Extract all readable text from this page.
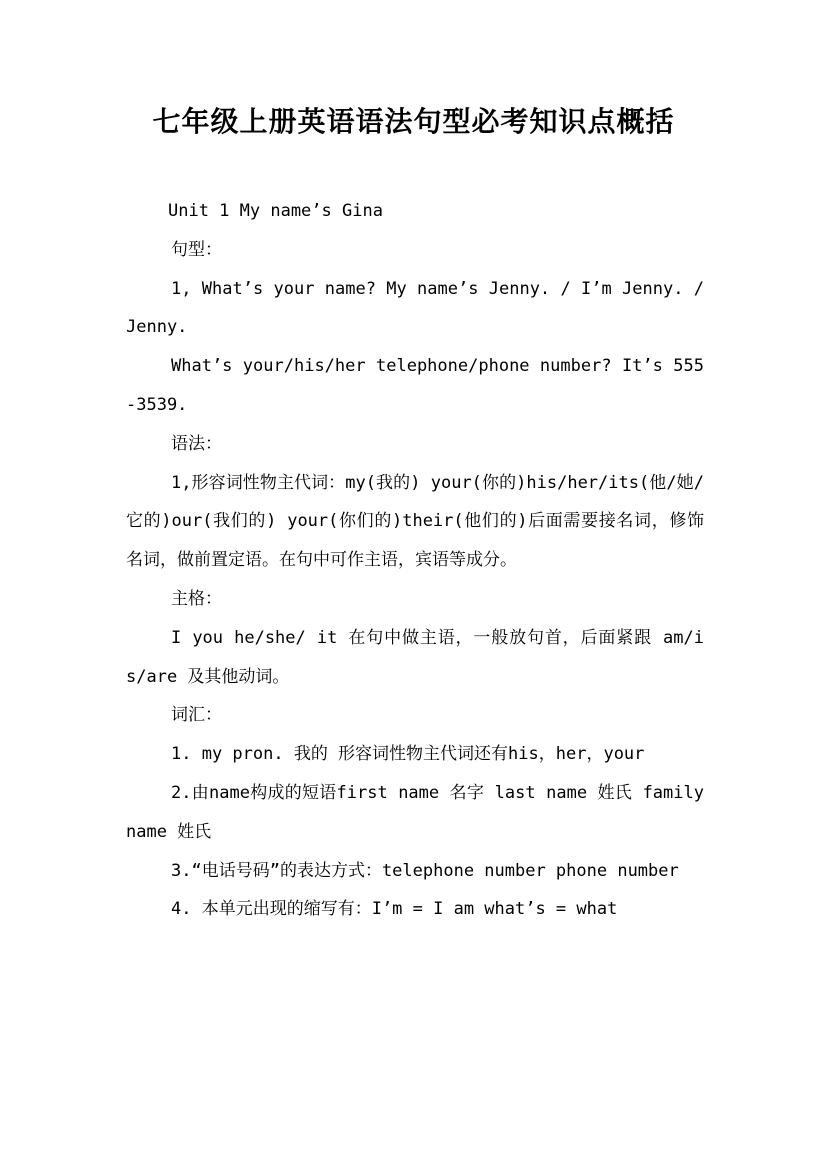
七年级上册英语语法句型必考知识点概括

Unit 1 My name’s Gina

句型：

1, What’s your name? My name’s Jenny. / I’m Jenny. / Jenny.

What’s your/his/her telephone/phone number? It’s 555-3539.

语法：

1,形容词性物主代词：my(我的) your(你的)his/her/its(他/她/它的)our(我们的) your(你们的)their(他们的)后面需要接名词，修饰名词，做前置定语。在句中可作主语，宾语等成分。

主格：

I you he/she/ it 在句中做主语，一般放句首，后面紧跟 am/is/are 及其他动词。

词汇：

1. my pron. 我的 形容词性物主代词还有his，her，your

2.由name构成的短语first name 名字 last name 姓氏 family name 姓氏

3.“电话号码”的表达方式：telephone number phone number

4. 本单元出现的缩写有：I’m = I am what’s = what
